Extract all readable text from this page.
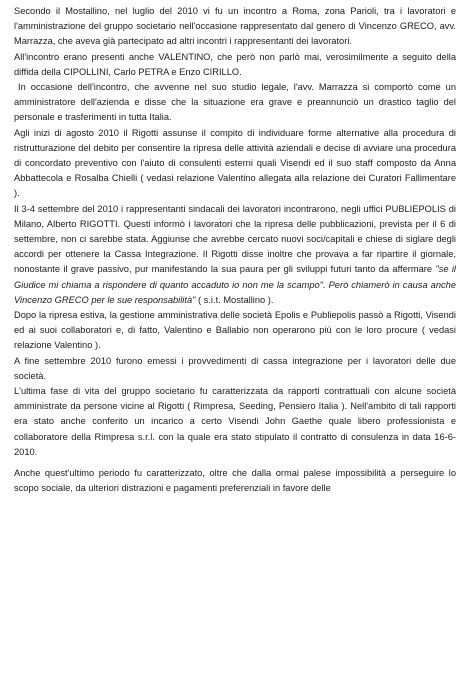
Secondo il Mostallino, nel luglio del 2010 vi fu un incontro a Roma, zona Parioli, tra i lavoratori e l'amministrazione del gruppo societario nell'occasione rappresentato dal genero di Vincenzo GRECO, avv. Marrazza, che aveva già partecipato ad altri incontri i rappresentanti dei lavoratori.

All'incontro erano presenti anche VALENTINO, che però non parlò mai, verosimilmente a seguito della diffida della CIPOLLINI, Carlo PETRA e Enzo CIRILLO.

In occasione dell'incontro, che avvenne nel suo studio legale, l'avv. Marrazza si comportò come un amministratore dell'azienda e disse che la situazione era grave e preannunciò un drastico taglio del personale e trasferimenti in tutta Italia.

Agli inizi di agosto 2010 il Rigotti assunse il compito di individuare forme alternative alla procedura di ristrutturazione del debito per consentire la ripresa delle attività aziendali e decise di avviare una procedura di concordato preventivo con l'aiuto di consulenti esterni quali Visendi ed il suo staff composto da Anna Abbattecola e Rosalba Chielli ( vedasi relazione Valentino allegata alla relazione dei Curatori Fallimentare ).

Il 3-4 settembre del 2010 i rappresentanti sindacali dei lavoratori incontrarono, negli uffici PUBLIEPOLIS di Milano, Alberto RIGOTTI. Questi informò i lavoratori che la ripresa delle pubblicazioni, prevista per il 6 di settembre, non ci sarebbe stata. Aggiunse che avrebbe cercato nuovi soci/capitali e chiese di siglare degli accordi per ottenere la Cassa Integrazione. Il Rigotti disse inoltre che provava a far ripartire il giornale, nonostante il grave passivo, pur manifestando la sua paura per gli sviluppi futuri tanto da affermare "se il Giudice mi chiama a rispondere di quanto accaduto io non me la scampo". Però chiamerò in causa anche Vincenzo GRECO per le sue responsabilità" ( s.i.t. Mostallino ).

Dopo la ripresa estiva, la gestione amministrativa delle società Epolis e Publiepolis passò a Rigotti, Visendi ed ai suoi collaboratori e, di fatto, Valentino e Ballabio non operarono più con le loro procure ( vedasi relazione Valentino ).

A fine settembre 2010 furono emessi i provvedimenti di cassa integrazione per i lavoratori delle due società.

L'ultima fase di vita del gruppo societario fu caratterizzata da rapporti contrattuali con alcune società amministrate da persone vicine al Rigotti ( Rimpresa, Seeding, Pensiero Italia ). Nell'ambito di tali rapporti era stato anche conferito un incarico a certo Visendi John Gaethe quale libero professionista e collaboratore della Rimpresa s.r.l. con la quale era stato stipulato il contratto di consulenza in data 16-6-2010.

Anche quest'ultimo periodo fu caratterizzato, oltre che dalla ormai palese impossibilità a perseguire lo scopo sociale, da ulteriori distrazioni e pagamenti preferenziali in favore delle
